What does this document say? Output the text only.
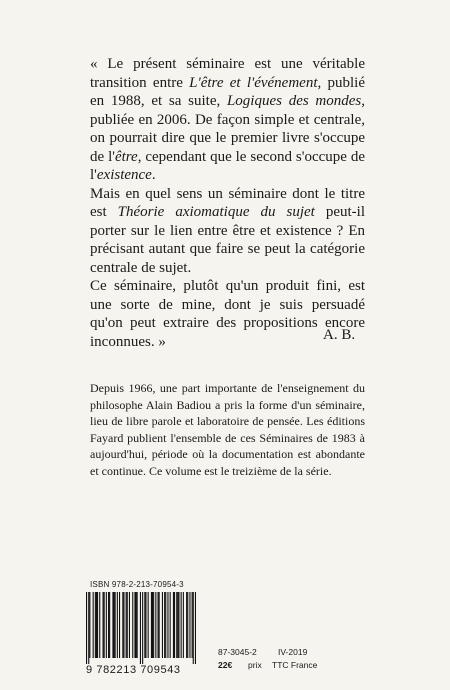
« Le présent séminaire est une véritable transition entre L'être et l'événement, publié en 1988, et sa suite, Logiques des mondes, publiée en 2006. De façon simple et centrale, on pourrait dire que le premier livre s'occupe de l'être, cependant que le second s'occupe de l'existence.

Mais en quel sens un séminaire dont le titre est Théorie axiomatique du sujet peut-il porter sur le lien entre être et existence ? En précisant autant que faire se peut la catégorie centrale de sujet.

Ce séminaire, plutôt qu'un produit fini, est une sorte de mine, dont je suis persuadé qu'on peut extraire des propositions encore inconnues. »	A. B.
Depuis 1966, une part importante de l'enseignement du philosophe Alain Badiou a pris la forme d'un séminaire, lieu de libre parole et laboratoire de pensée. Les éditions Fayard publient l'ensemble de ces Séminaires de 1983 à aujourd'hui, période où la documentation est abondante et continue. Ce volume est le treizième de la série.
ISBN 978-2-213-70954-3
9 782213 709543
87-3045-2 IV-2019
22€ prix TTC France
